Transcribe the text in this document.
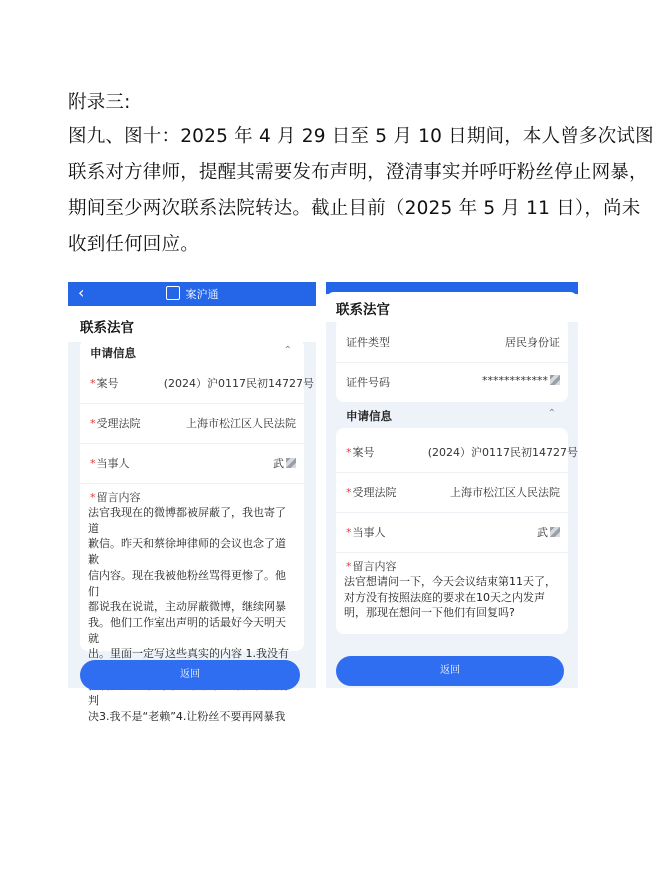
附录三:
图九、图十：2025 年 4 月 29 日至 5 月 10 日期间，本人曾多次试图
联系对方律师，提醒其需要发布声明，澄清事实并呼吁粉丝停止网暴，
期间至少两次联系法院转达。截止目前（2025 年 5 月 11 日），尚未
收到任何回应。
‹	案沪通
联系法官
申请信息	⌃
*案号	(2024）沪0117民初14727号
*受理法院	上海市松江区人民法院
*当事人	武
*留言内容
法官我现在的微博都被屏蔽了，我也寄了道
歉信。昨天和蔡徐坤律师的会议也念了道歉
信内容。现在我被他粉丝骂得更惨了。他们
都说我在说谎，主动屏蔽微博，继续网暴
我。他们工作室出声明的话最好今天明天就
出。里面一定写这些真实的内容 1.我没有
判
决3.我不是“老赖”4.让粉丝不要再网暴我
返回
联系法官
证件类型	居民身份证
证件号码	************
申请信息	⌃
*案号	(2024）沪0117民初14727号
*受理法院	上海市松江区人民法院
*当事人	武
*留言内容
法官想请问一下，今天会议结束第11天了，
对方没有按照法庭的要求在10天之内发声
明，那现在想问一下他们有回复吗?
返回
